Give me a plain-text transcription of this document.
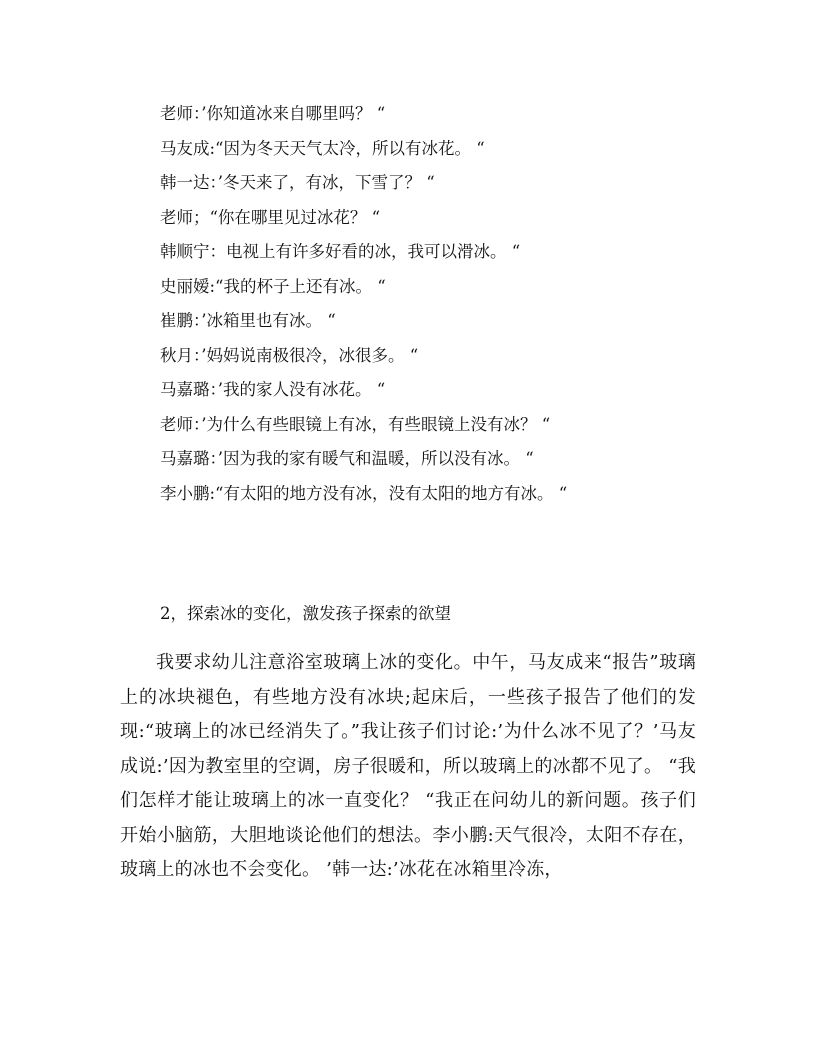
老师：’你知道冰来自哪里吗？ “

马友成:“因为冬天天气太冷，所以有冰花。 “

韩一达：’冬天来了，有冰，下雪了？ “

老师；“你在哪里见过冰花？ “

韩顺宁：电视上有许多好看的冰，我可以滑冰。 “

史丽嫒:“我的杯子上还有冰。 “

崔鹏：’冰箱里也有冰。 “

秋月：’妈妈说南极很冷，冰很多。 “

马嘉璐：’我的家人没有冰花。 “

老师：’为什么有些眼镜上有冰，有些眼镜上没有冰？ “

马嘉璐：’因为我的家有暖气和温暖，所以没有冰。 “

李小鹏:“有太阳的地方没有冰，没有太阳的地方有冰。 “

2，探索冰的变化，激发孩子探索的欲望

我要求幼儿注意浴室玻璃上冰的变化。中午，马友成来“报告”玻璃上的冰块褪色，有些地方没有冰块;起床后，一些孩子报告了他们的发现:“玻璃上的冰已经消失了。”我让孩子们讨论:’为什么冰不见了？’马友成说:’因为教室里的空调，房子很暖和，所以玻璃上的冰都不见了。 “我们怎样才能让玻璃上的冰一直变化？ “我正在问幼儿的新问题。孩子们开始小脑筋，大胆地谈论他们的想法。李小鹏:天气很冷，太阳不存在，玻璃上的冰也不会变化。 ’韩一达:’冰花在冰箱里冷冻，
